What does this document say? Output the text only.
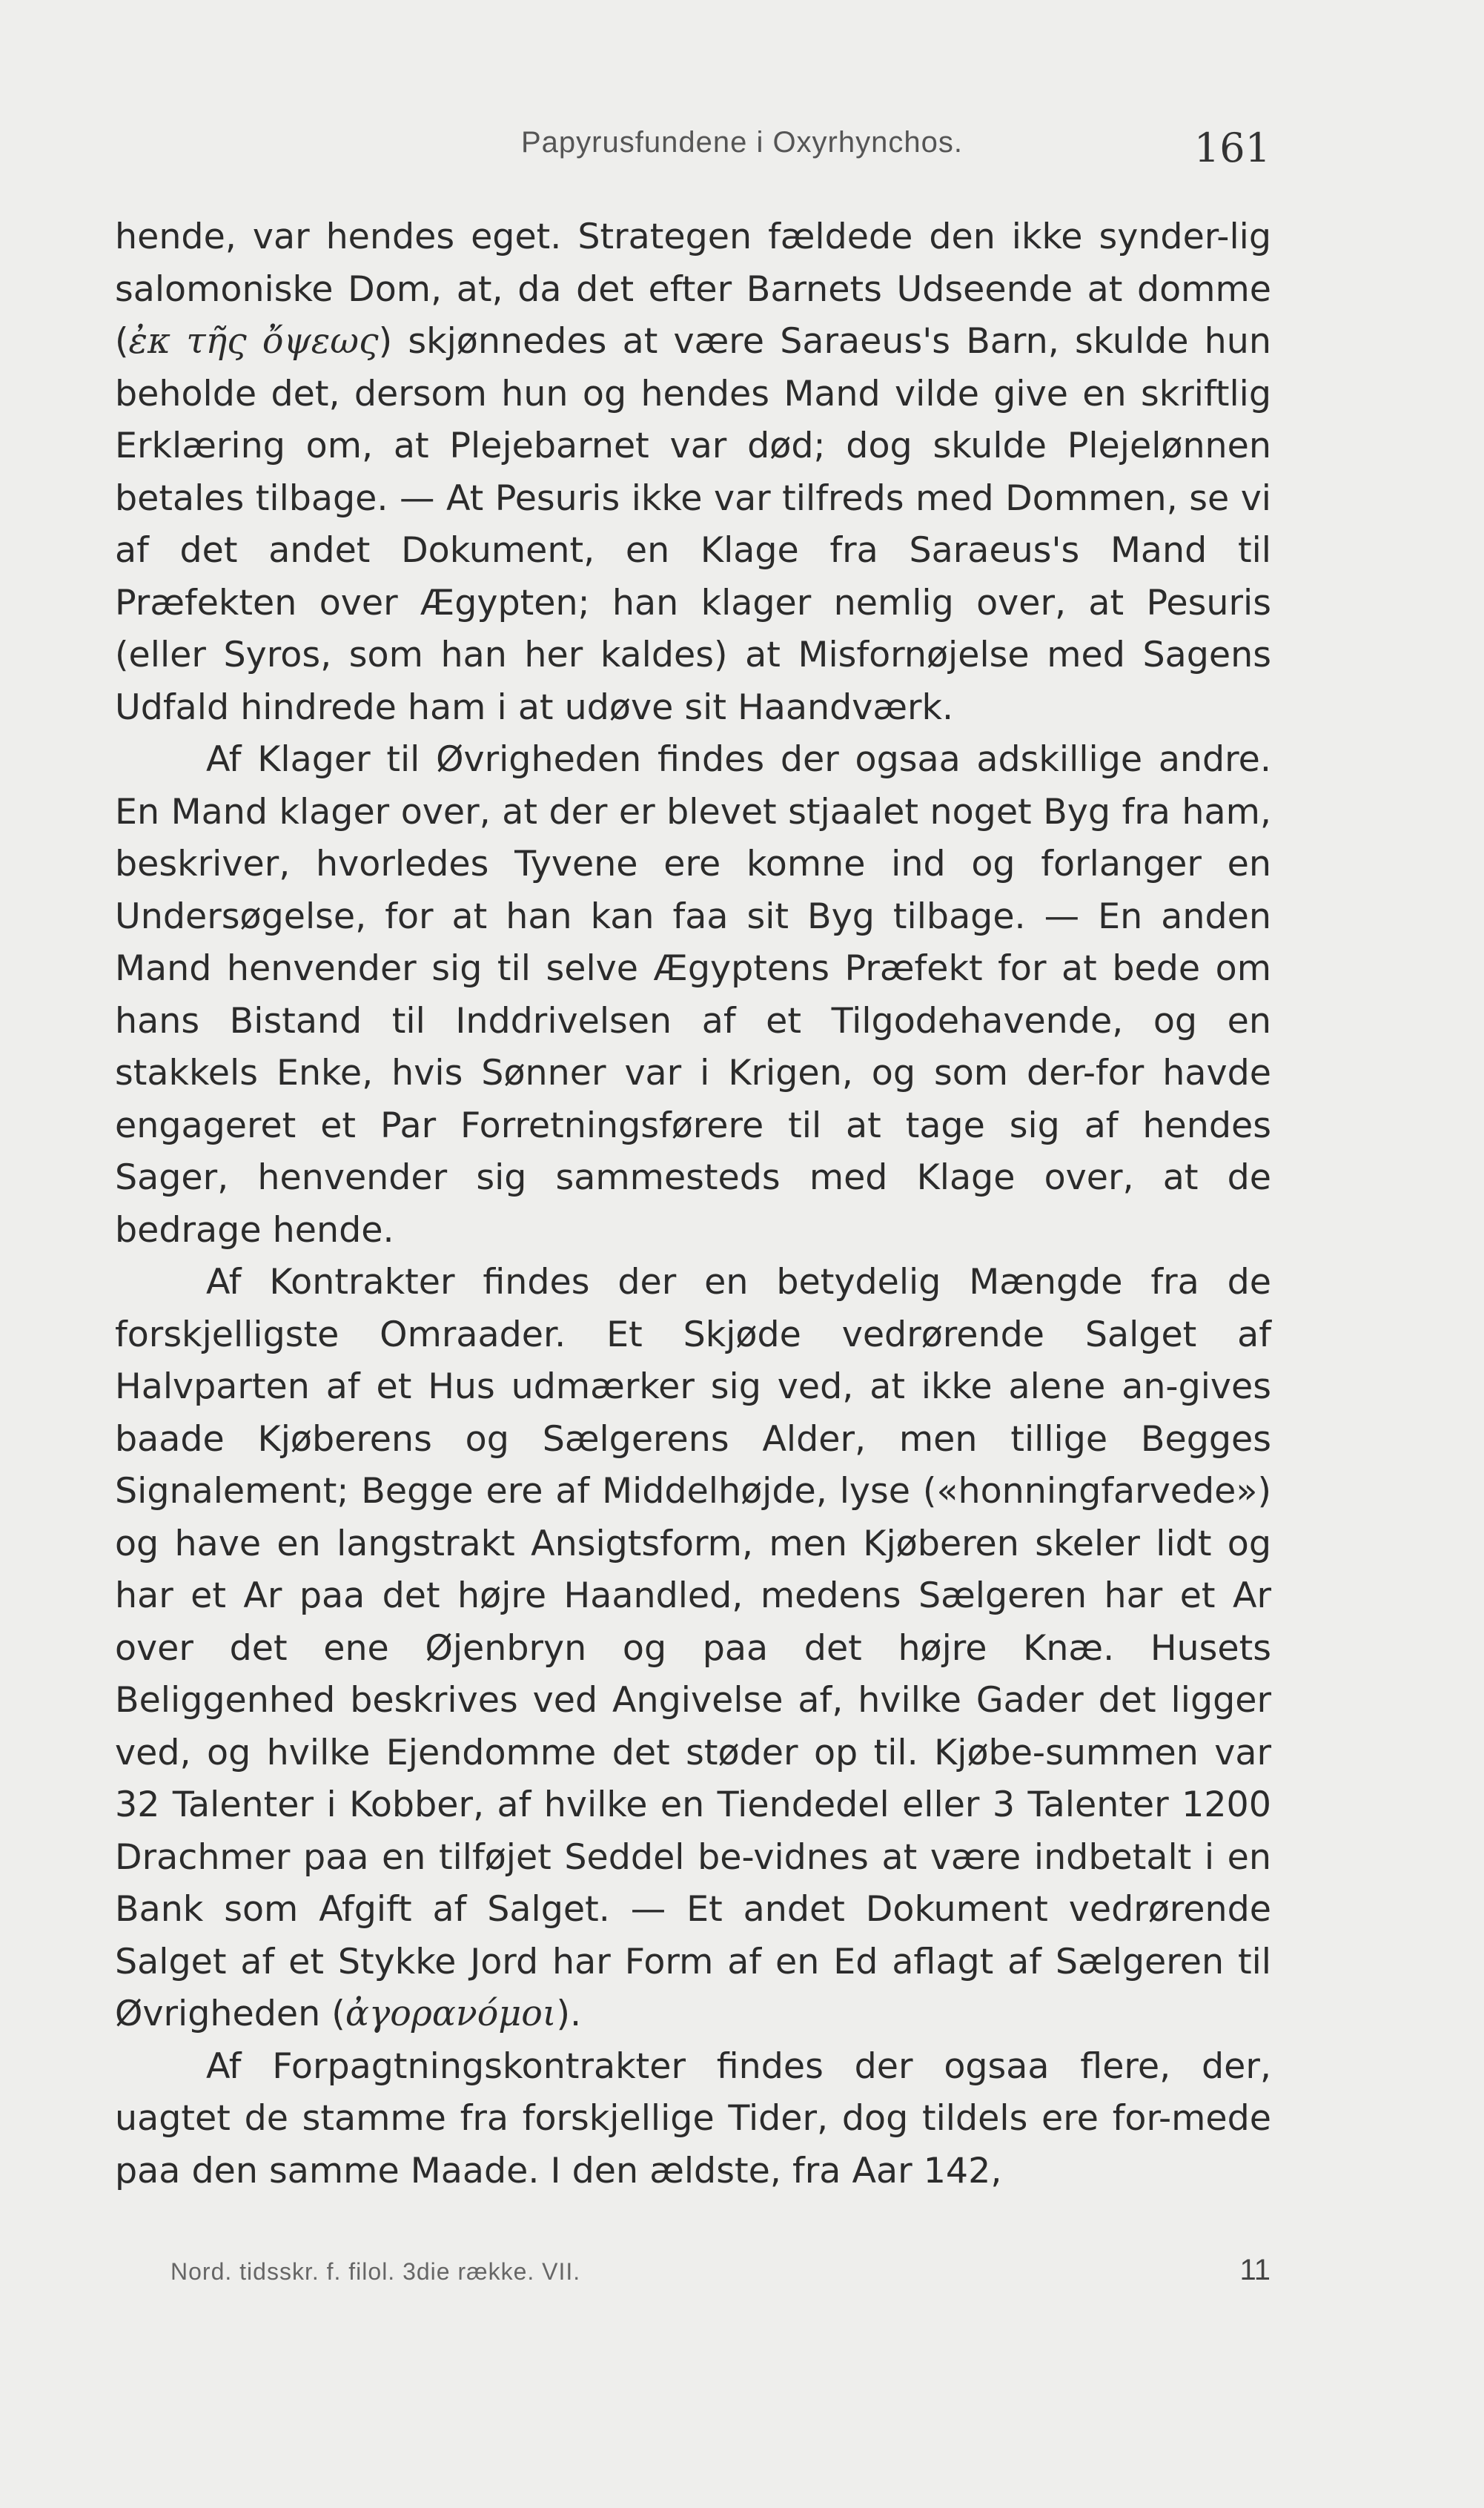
Papyrusfundene i Oxyrhynchos.	161
hende, var hendes eget. Strategen fældede den ikke synder-lig salomoniske Dom, at, da det efter Barnets Udseende at domme (ἐκ τῆς ὄψεως) skjønnedes at være Saraeus's Barn, skulde hun beholde det, dersom hun og hendes Mand vilde give en skriftlig Erklæring om, at Plejebarnet var død; dog skulde Plejelønnen betales tilbage. — At Pesuris ikke var tilfreds med Dommen, se vi af det andet Dokument, en Klage fra Saraeus's Mand til Præfekten over Ægypten; han klager nemlig over, at Pesuris (eller Syros, som han her kaldes) at Misfornøjelse med Sagens Udfald hindrede ham i at udøve sit Haandværk.
Af Klager til Øvrigheden findes der ogsaa adskillige andre. En Mand klager over, at der er blevet stjaalet noget Byg fra ham, beskriver, hvorledes Tyvene ere komne ind og forlanger en Undersøgelse, for at han kan faa sit Byg tilbage. — En anden Mand henvender sig til selve Ægyptens Præfekt for at bede om hans Bistand til Inddrivelsen af et Tilgodehavende, og en stakkels Enke, hvis Sønner var i Krigen, og som der-for havde engageret et Par Forretningsførere til at tage sig af hendes Sager, henvender sig sammesteds med Klage over, at de bedrage hende.
Af Kontrakter findes der en betydelig Mængde fra de forskjelligste Omraader. Et Skjøde vedrørende Salget af Halvparten af et Hus udmærker sig ved, at ikke alene an-gives baade Kjøberens og Sælgerens Alder, men tillige Begges Signalement; Begge ere af Middelhøjde, lyse («honningfarvede») og have en langstrakt Ansigtsform, men Kjøberen skeler lidt og har et Ar paa det højre Haandled, medens Sælgeren har et Ar over det ene Øjenbryn og paa det højre Knæ. Husets Beliggenhed beskrives ved Angivelse af, hvilke Gader det ligger ved, og hvilke Ejendomme det støder op til. Kjøbe-summen var 32 Talenter i Kobber, af hvilke en Tiendedel eller 3 Talenter 1200 Drachmer paa en tilføjet Seddel be-vidnes at være indbetalt i en Bank som Afgift af Salget. — Et andet Dokument vedrørende Salget af et Stykke Jord har Form af en Ed aflagt af Sælgeren til Øvrigheden (ἀγορανόμοι).
Af Forpagtningskontrakter findes der ogsaa flere, der, uagtet de stamme fra forskjellige Tider, dog tildels ere for-mede paa den samme Maade. I den ældste, fra Aar 142,
Nord. tidsskr. f. filol. 3die række. VII.	11
